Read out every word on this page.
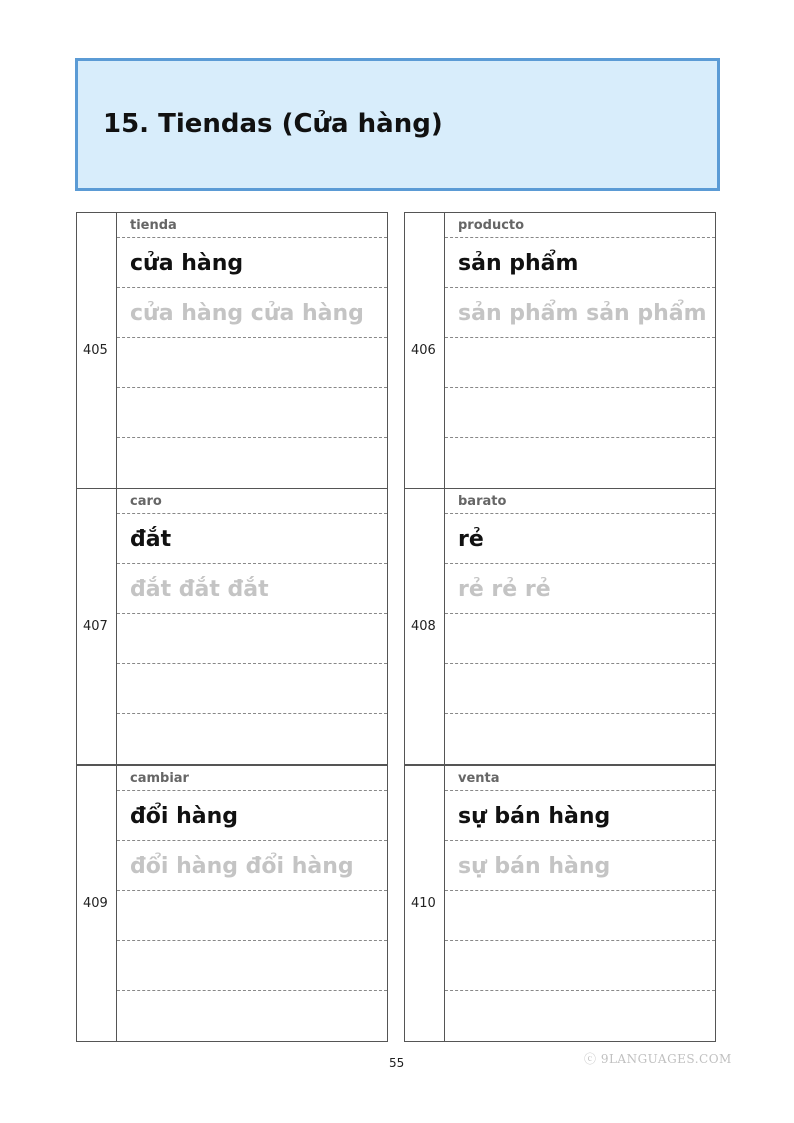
15. Tiendas (Cửa hàng)
405
tienda
cửa hàng
cửa hàng cửa hàng
406
producto
sản phẩm
sản phẩm sản phẩm
407
caro
đắt
đắt đắt đắt
408
barato
rẻ
rẻ rẻ rẻ
409
cambiar
đổi hàng
đổi hàng đổi hàng
410
venta
sự bán hàng
sự bán hàng
55	ⓒ 9LANGUAGES.COM
